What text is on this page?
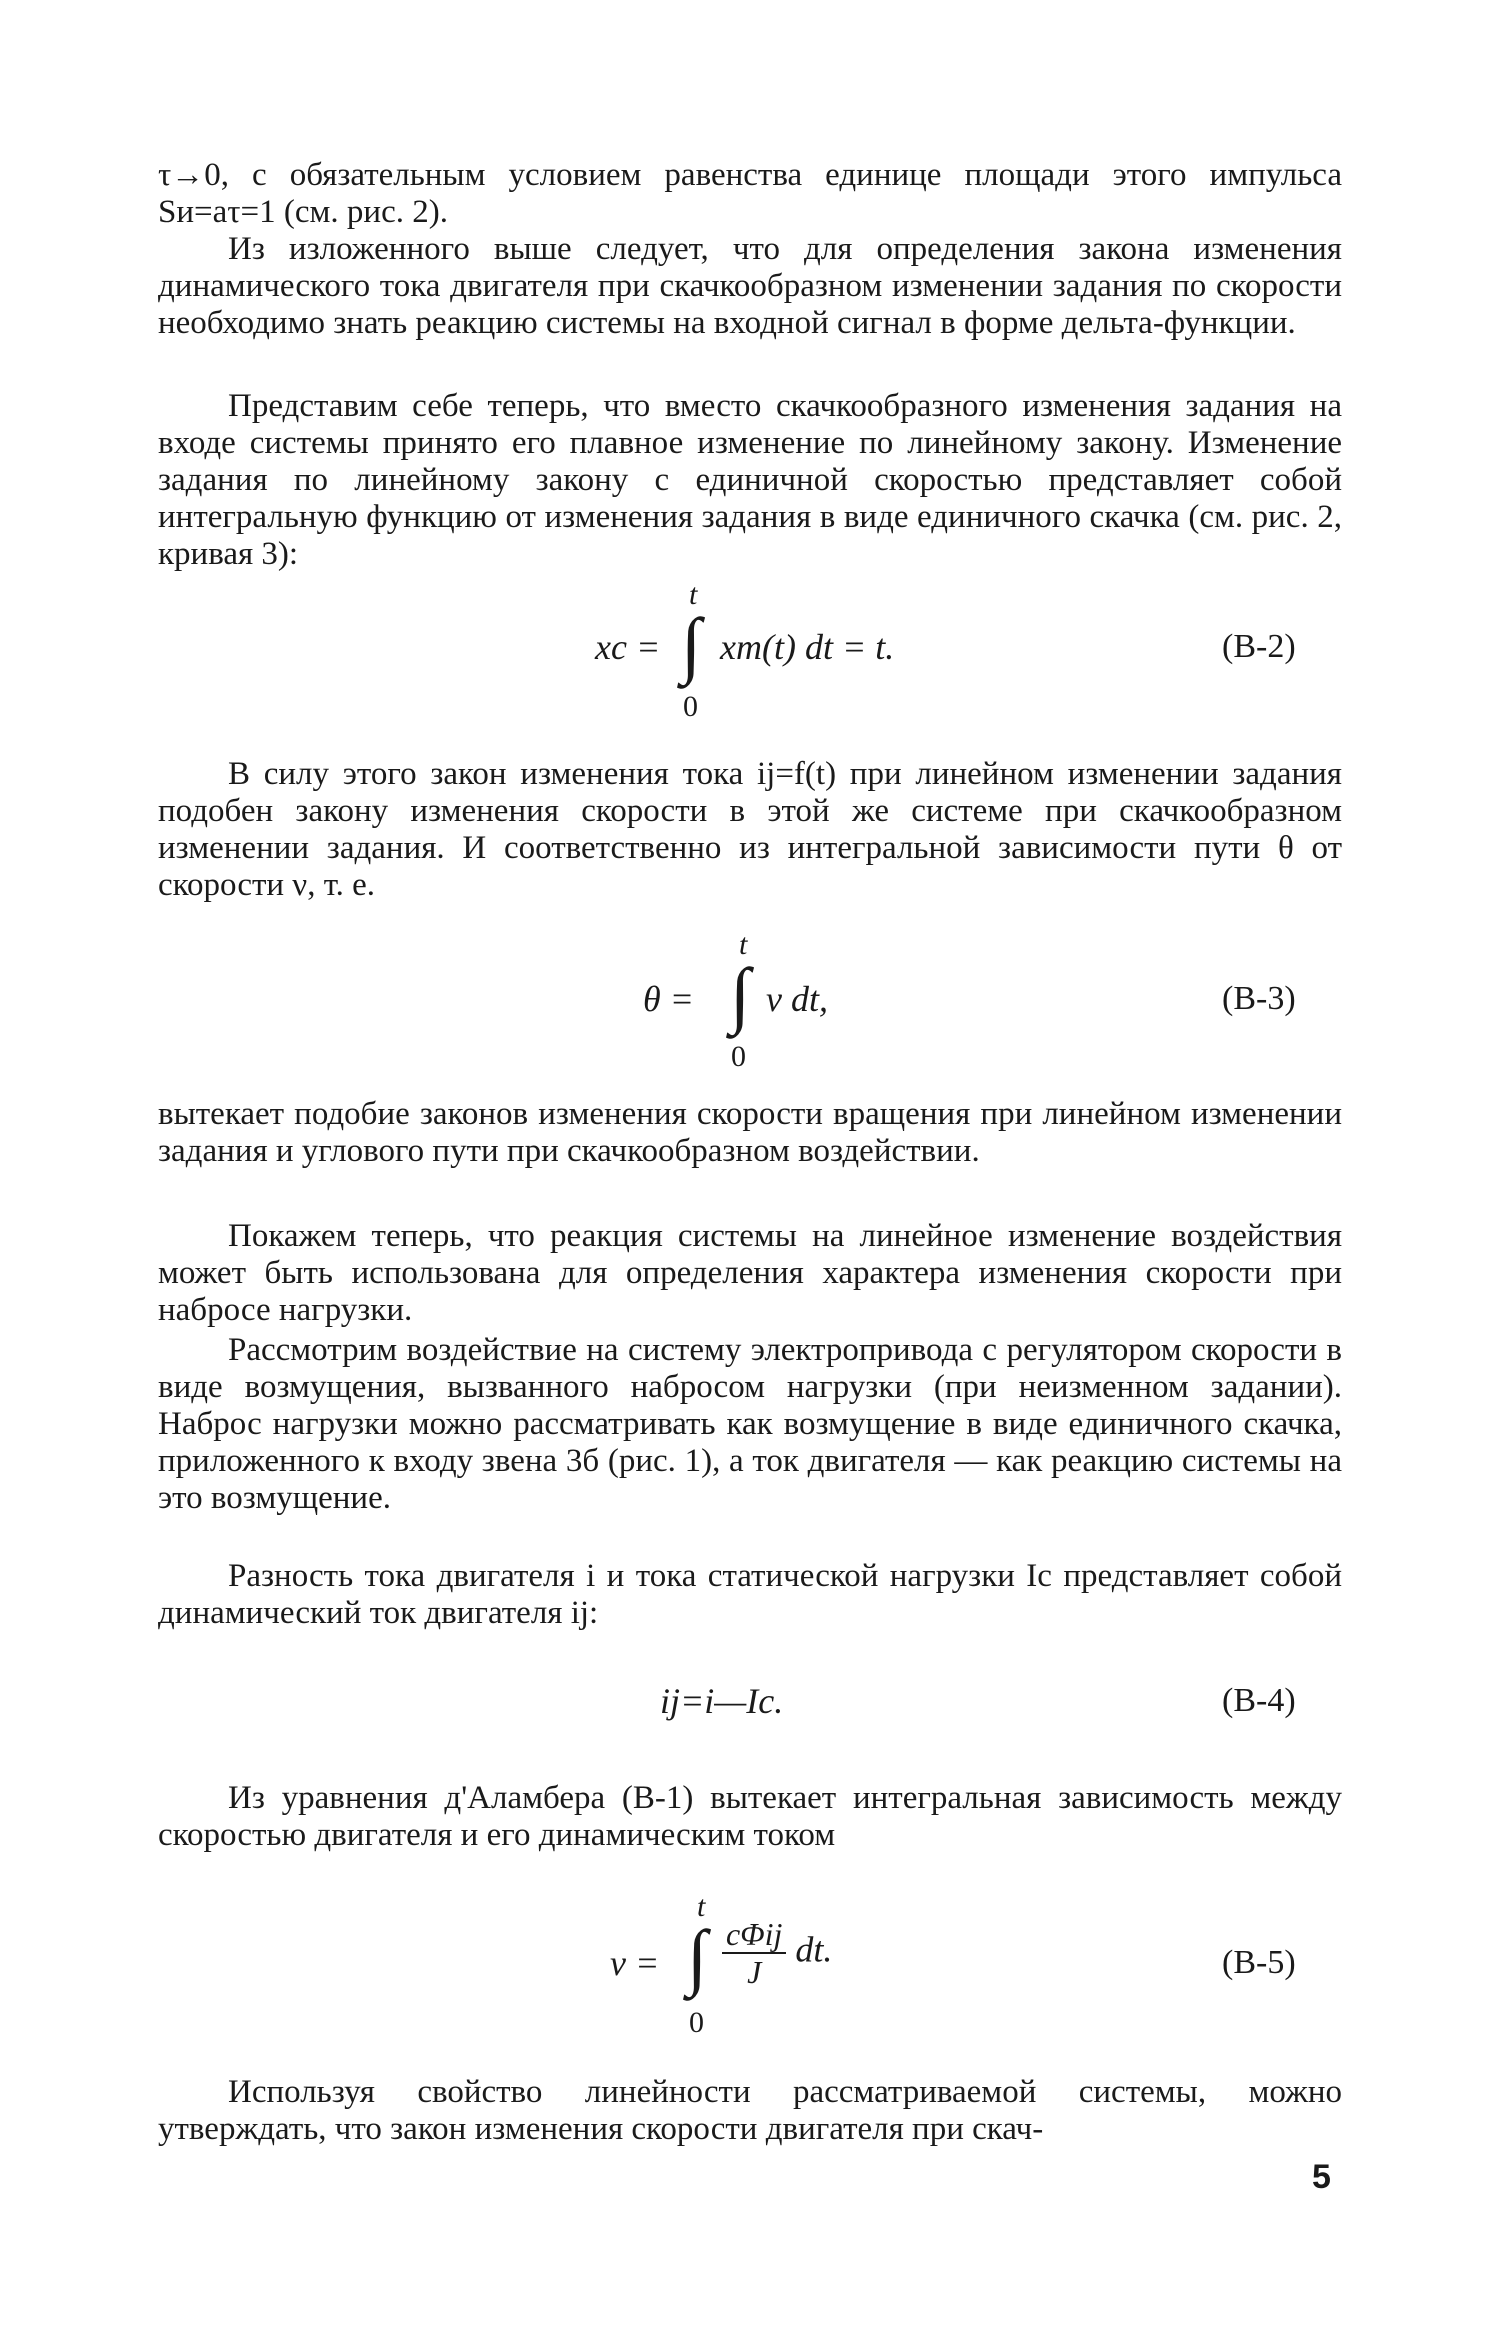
τ→0, с обязательным условием равенства единице площади этого импульса Sи=aτ=1 (см. рис. 2).

Из изложенного выше следует, что для определения закона изменения динамического тока двигателя при скачкообразном изменении задания по скорости необходимо знать реакцию системы на входной сигнал в форме дельта-функции.

Представим себе теперь, что вместо скачкообразного изменения задания на входе системы принято его плавное изменение по линейному закону. Изменение задания по линейному закону с единичной скоростью представляет собой интегральную функцию от изменения задания в виде единичного скачка (см. рис. 2, кривая 3):

xс =
t
∫
0
xт(t) dt = t.	(В-2)

В силу этого закон изменения тока ij=f(t) при линейном изменении задания подобен закону изменения скорости в этой же системе при скачкообразном изменении задания. И соответственно из интегральной зависимости пути θ от скорости ν, т. е.

θ =
t
∫
0
ν dt,	(В-3)

вытекает подобие законов изменения скорости вращения при линейном изменении задания и углового пути при скачкообразном воздействии.

Покажем теперь, что реакция системы на линейное изменение воздействия может быть использована для определения характера изменения скорости при набросе нагрузки.

Рассмотрим воздействие на систему электропривода с регулятором скорости в виде возмущения, вызванного набросом нагрузки (при неизменном задании). Наброс нагрузки можно рассматривать как возмущение в виде единичного скачка, приложенного к входу звена 3б (рис. 1), а ток двигателя — как реакцию системы на это возмущение.

Разность тока двигателя i и тока статической нагрузки Iс представляет собой динамический ток двигателя ij:

ij=i—Iс.	(В-4)

Из уравнения д'Аламбера (В-1) вытекает интегральная зависимость между скоростью двигателя и его динамическим током

ν =
t
∫
0
$\frac{\text{cΦij}}{J}$ dt.	(В-5)

Используя свойство линейности рассматриваемой системы, можно утверждать, что закон изменения скорости двигателя при скач-

5
